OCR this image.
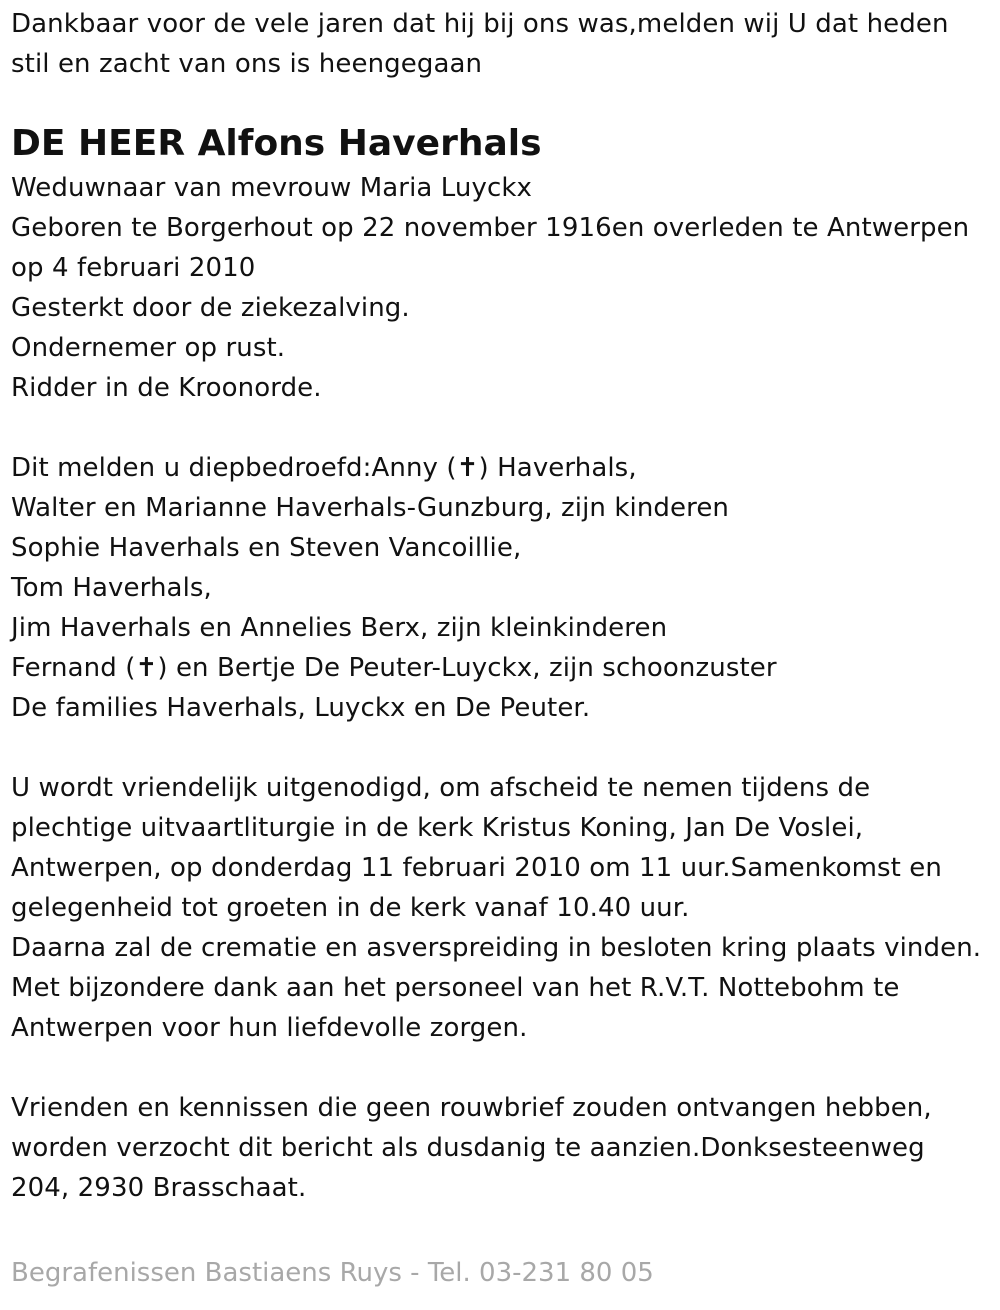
Dankbaar voor de vele jaren dat hij bij ons was,melden wij U dat heden
stil en zacht van ons is heengegaan
DE HEER Alfons Haverhals
Weduwnaar van mevrouw Maria Luyckx
Geboren te Borgerhout op 22 november 1916en overleden te Antwerpen
op 4 februari 2010
Gesterkt door de ziekezalving.
Ondernemer op rust.
Ridder in de Kroonorde.
Dit melden u diepbedroefd:Anny (✝) Haverhals,
Walter en Marianne Haverhals-Gunzburg, zijn kinderen
Sophie Haverhals en Steven Vancoillie,
Tom Haverhals,
Jim Haverhals en Annelies Berx, zijn kleinkinderen
Fernand (✝) en Bertje De Peuter-Luyckx, zijn schoonzuster
De families Haverhals, Luyckx en De Peuter.
U wordt vriendelijk uitgenodigd, om afscheid te nemen tijdens de
plechtige uitvaartliturgie in de kerk Kristus Koning, Jan De Voslei,
Antwerpen, op donderdag 11 februari 2010 om 11 uur.Samenkomst en
gelegenheid tot groeten in de kerk vanaf 10.40 uur.
Daarna zal de crematie en asverspreiding in besloten kring plaats vinden.
Met bijzondere dank aan het personeel van het R.V.T. Nottebohm te
Antwerpen voor hun liefdevolle zorgen.
Vrienden en kennissen die geen rouwbrief zouden ontvangen hebben,
worden verzocht dit bericht als dusdanig te aanzien.Donksesteenweg
204, 2930 Brasschaat.
Begrafenissen Bastiaens Ruys - Tel. 03-231 80 05
